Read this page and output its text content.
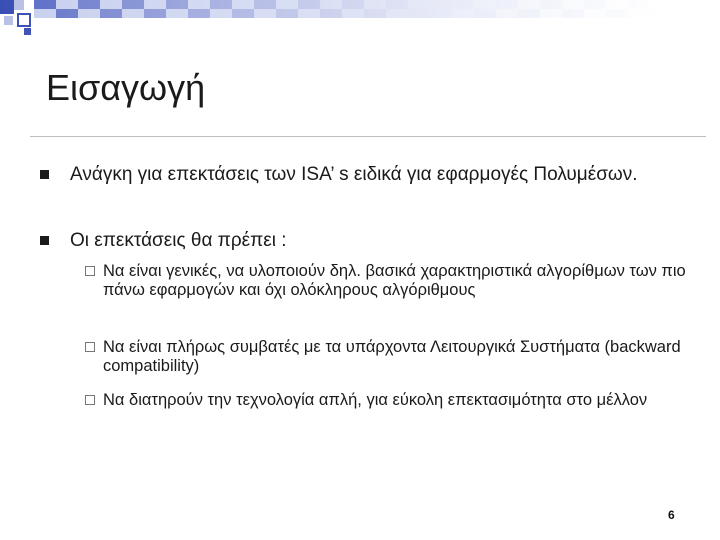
Εισαγωγή
Ανάγκη για επεκτάσεις των ISA’ s ειδικά για εφαρμογές Πολυμέσων.
Οι επεκτάσεις θα πρέπει :
Να είναι γενικές, να υλοποιούν δηλ. βασικά χαρακτηριστικά αλγορίθμων των πιο πάνω εφαρμογών και όχι ολόκληρους αλγόριθμους
Να είναι πλήρως συμβατές με τα υπάρχοντα Λειτουργικά Συστήματα (backward compatibility)
Να διατηρούν την τεχνολογία απλή, για εύκολη επεκτασιμότητα στο μέλλον
6
